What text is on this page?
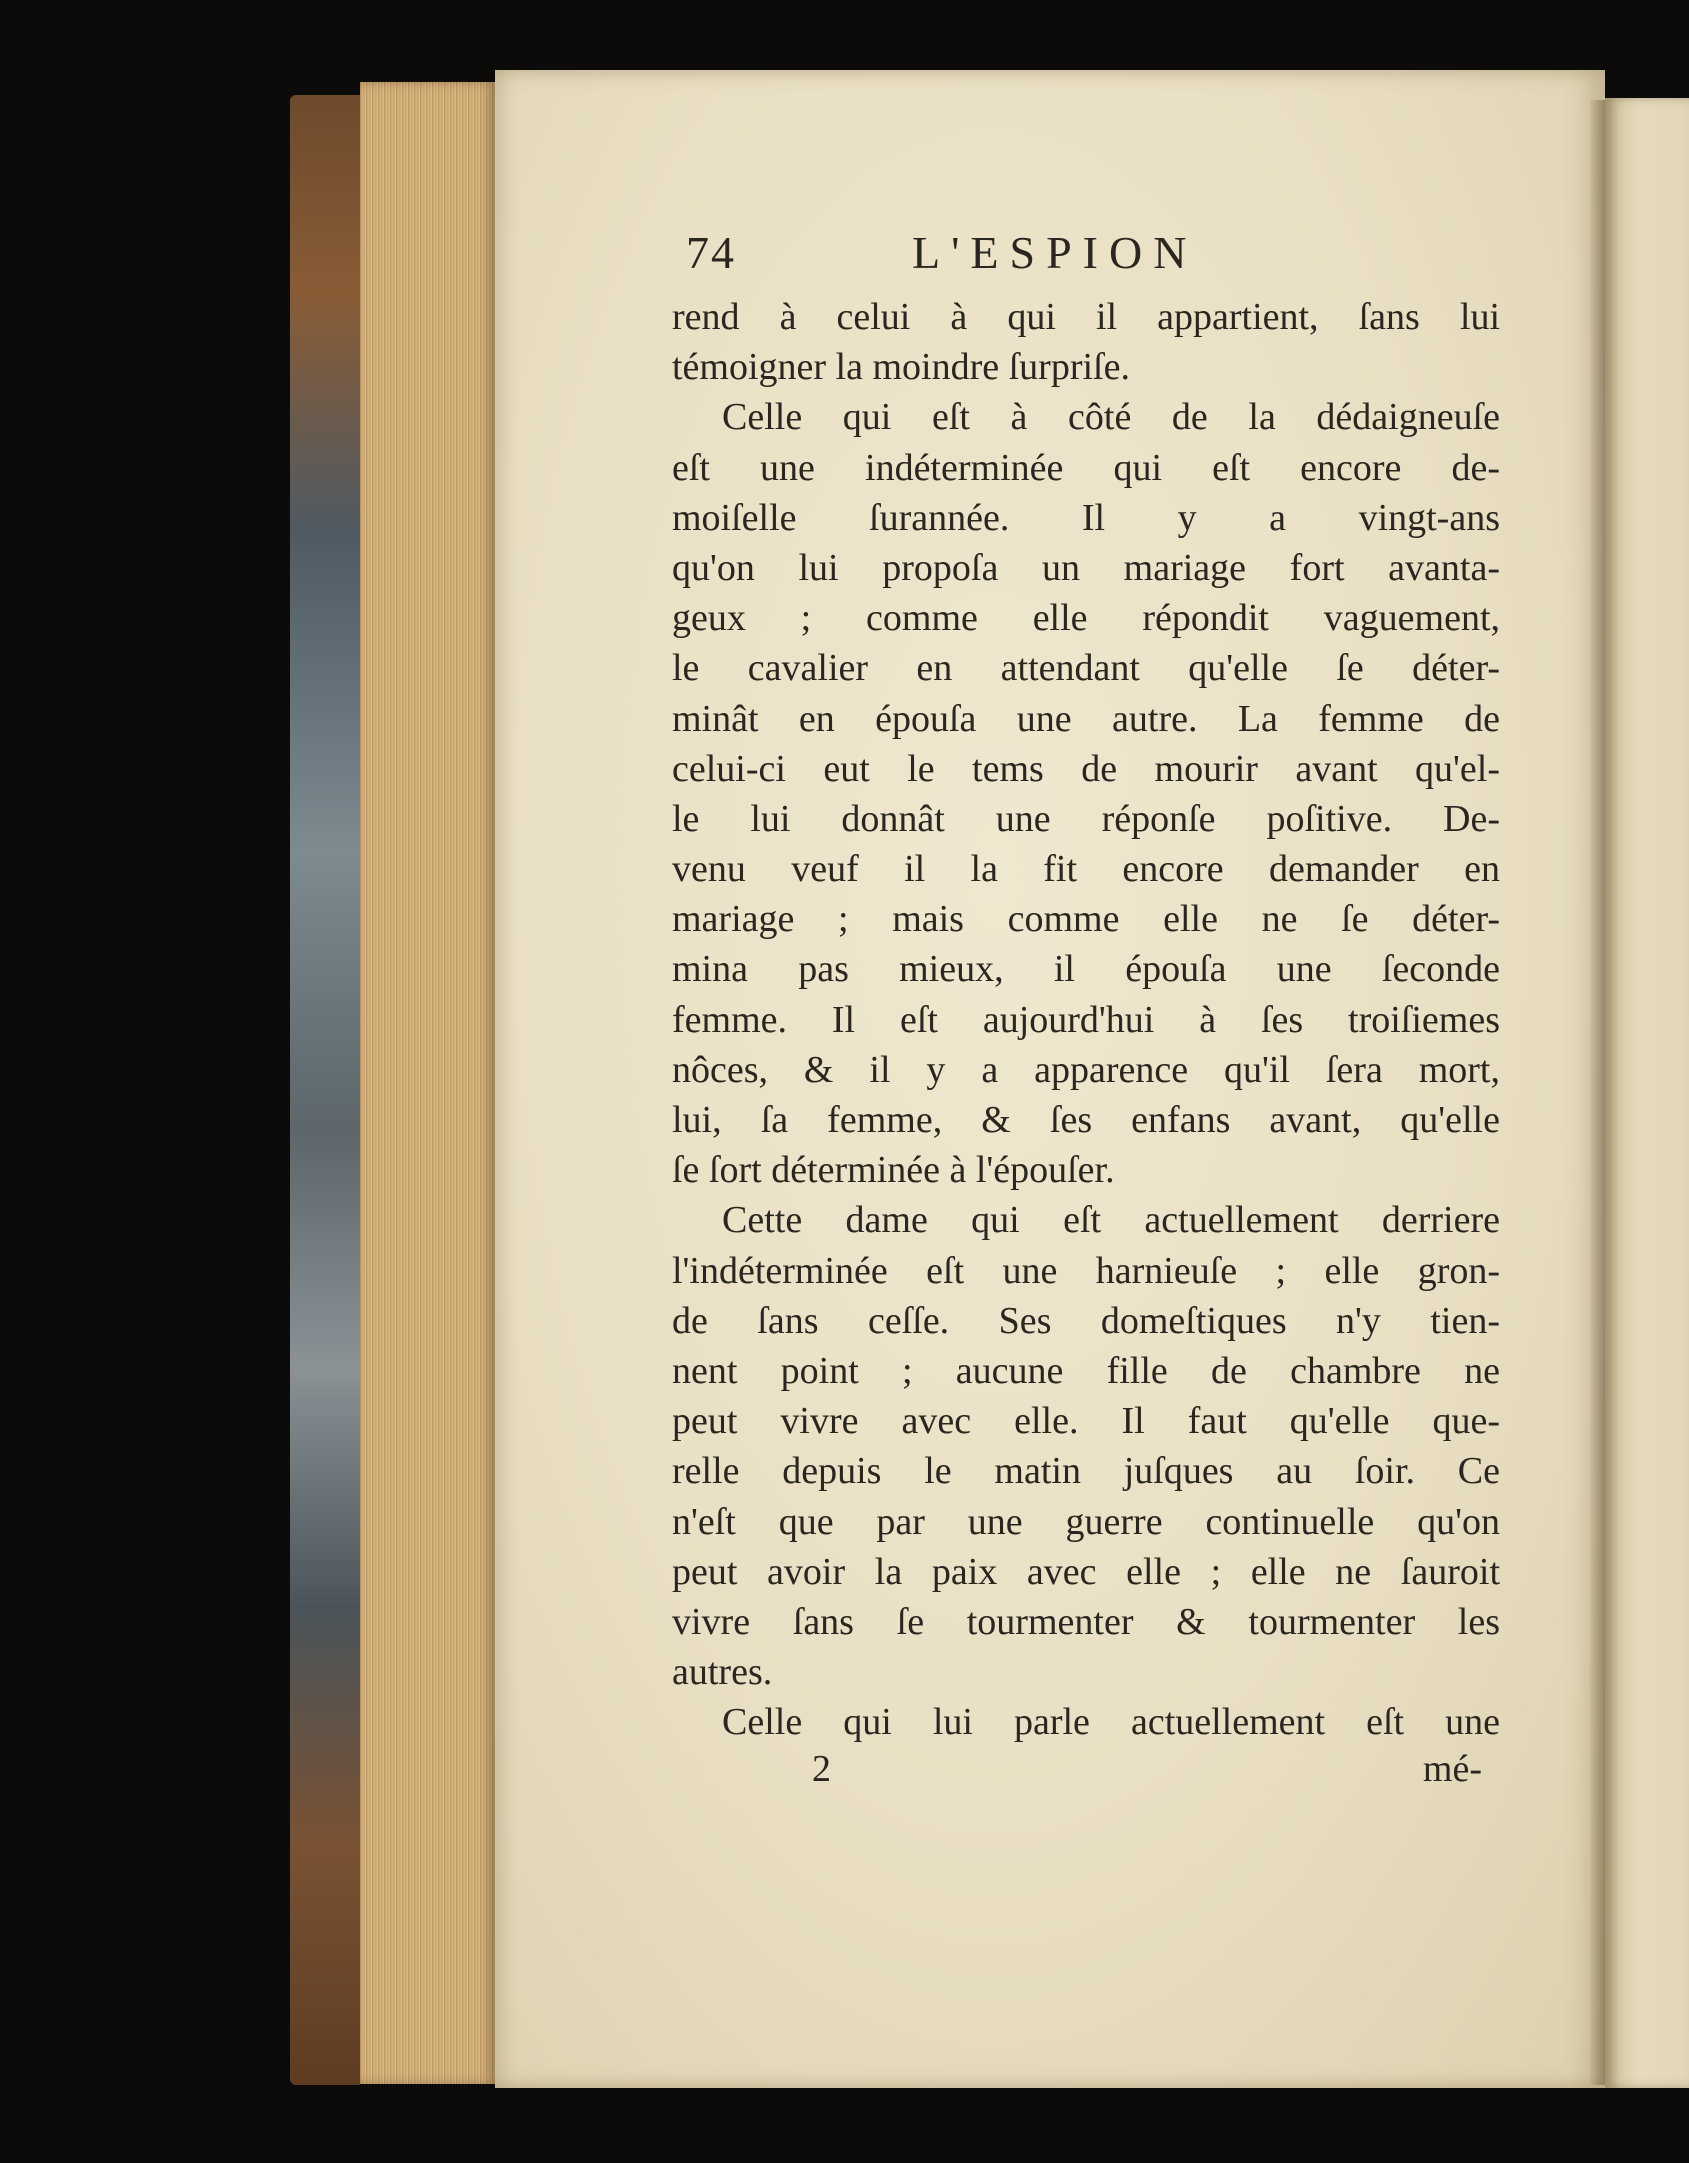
74	L'ESPION
rend à celui à qui il appartient, ſans lui
témoigner la moindre ſurpriſe.
Celle qui eſt à côté de la dédaigneuſe
eſt une indéterminée qui eſt encore de-
moiſelle ſurannée. Il y a vingt-ans
qu'on lui propoſa un mariage fort avanta-
geux ; comme elle répondit vaguement,
le cavalier en attendant qu'elle ſe déter-
minât en épouſa une autre. La femme de
celui-ci eut le tems de mourir avant qu'el-
le lui donnât une réponſe poſitive. De-
venu veuf il la fit encore demander en
mariage ; mais comme elle ne ſe déter-
mina pas mieux, il épouſa une ſeconde
femme. Il eſt aujourd'hui à ſes troiſiemes
nôces, & il y a apparence qu'il ſera mort,
lui, ſa femme, & ſes enfans avant, qu'elle
ſe ſort déterminée à l'épouſer.
Cette dame qui eſt actuellement derriere
l'indéterminée eſt une harnieuſe ; elle gron-
de ſans ceſſe. Ses domeſtiques n'y tien-
nent point ; aucune fille de chambre ne
peut vivre avec elle. Il faut qu'elle que-
relle depuis le matin juſques au ſoir. Ce
n'eſt que par une guerre continuelle qu'on
peut avoir la paix avec elle ; elle ne ſauroit
vivre ſans ſe tourmenter & tourmenter les
autres.
Celle qui lui parle actuellement eſt une
2	mé-
